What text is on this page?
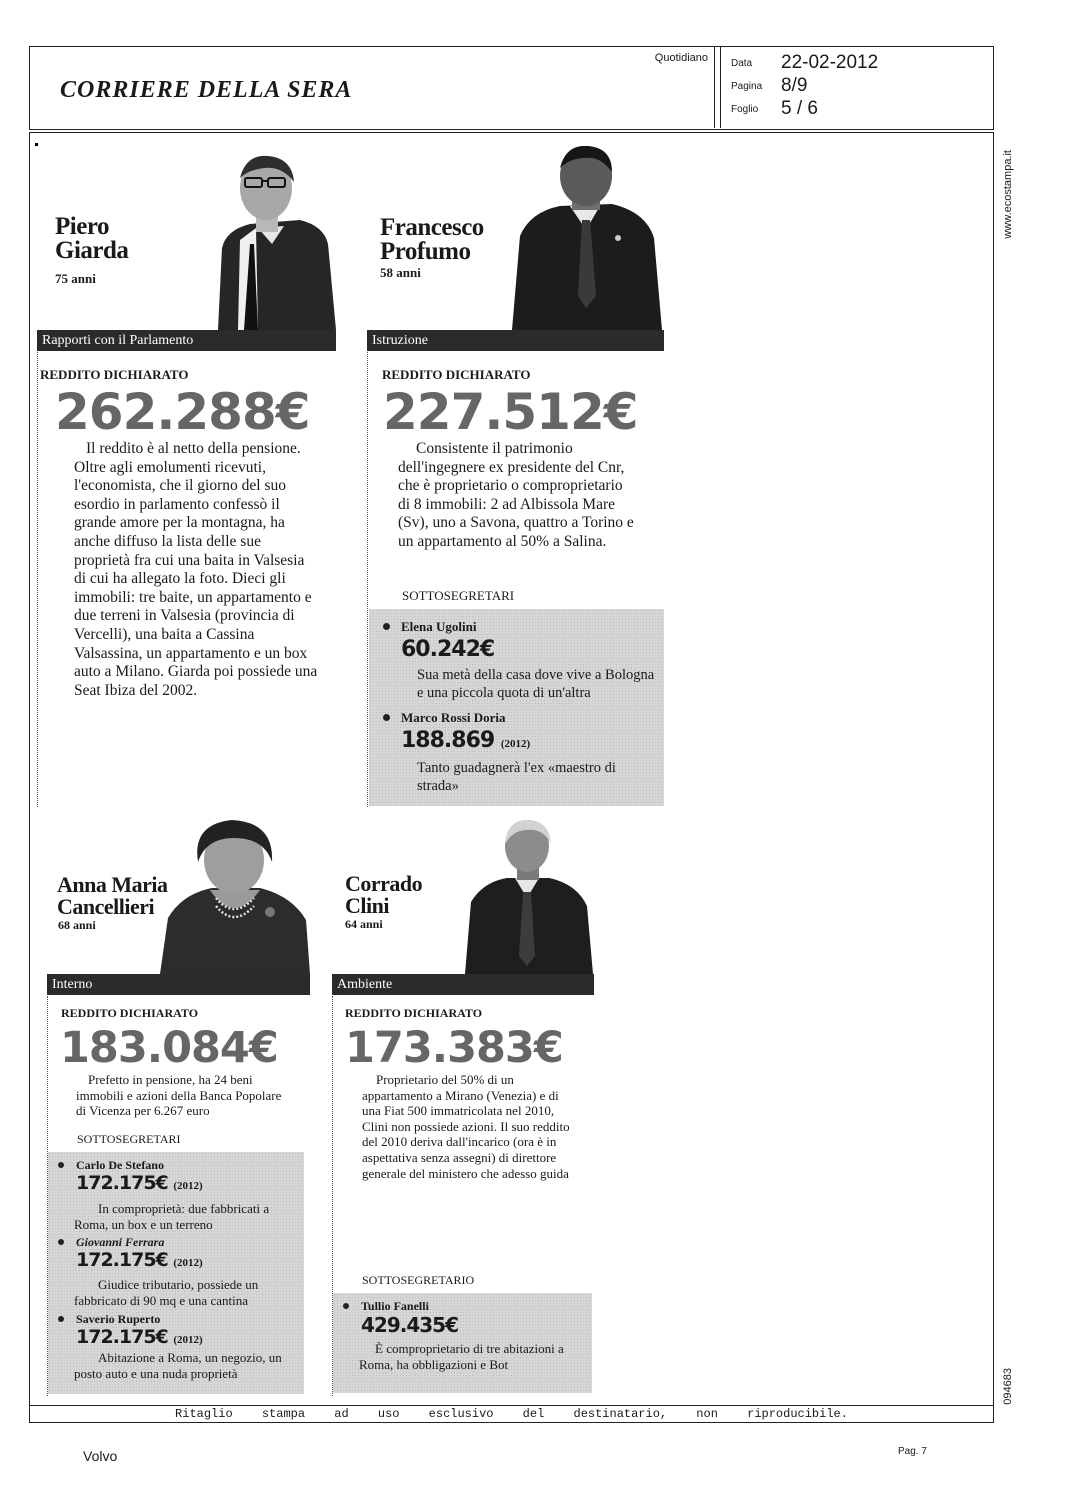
CORRIERE DELLA SERA
Quotidiano Data 22-02-2012
Pagina 8/9
Foglio 5 / 6
www.ecostampa.it
094683
Piero
Giarda
75 anni
Rapporti con il Parlamento
REDDITO DICHIARATO
262.288€
Il reddito è al netto della pensione. Oltre agli emolumenti ricevuti, l'economista, che il giorno del suo esordio in parlamento confessò il grande amore per la montagna, ha anche diffuso la lista delle sue proprietà fra cui una baita in Valsesia di cui ha allegato la foto. Dieci gli immobili: tre baite, un appartamento e due terreni in Valsesia (provincia di Vercelli), una baita a Cassina Valsassina, un appartamento e un box auto a Milano. Giarda poi possiede una Seat Ibiza del 2002.
Francesco
Profumo
58 anni
Istruzione
REDDITO DICHIARATO
227.512€
Consistente il patrimonio dell'ingegnere ex presidente del Cnr, che è proprietario o comproprietario di 8 immobili: 2 ad Albissola Mare (Sv), uno a Savona, quattro a Torino e un appartamento al 50% a Salina.
SOTTOSEGRETARI
Elena Ugolini
60.242€
Sua metà della casa dove vive a Bologna e una piccola quota di un'altra
Marco Rossi Doria
188.869 (2012)
Tanto guadagnerà l'ex «maestro di strada»
Anna Maria
Cancellieri
68 anni
Interno
REDDITO DICHIARATO
183.084€
Prefetto in pensione, ha 24 beni immobili e azioni della Banca Popolare di Vicenza per 6.267 euro
SOTTOSEGRETARI
Carlo De Stefano
172.175€ (2012)
In comproprietà: due fabbricati a Roma, un box e un terreno
Giovanni Ferrara
172.175€ (2012)
Giudice tributario, possiede un fabbricato di 90 mq e una cantina
Saverio Ruperto
172.175€ (2012)
Abitazione a Roma, un negozio, un posto auto e una nuda proprietà
Corrado
Clini
64 anni
Ambiente
REDDITO DICHIARATO
173.383€
Proprietario del 50% di un appartamento a Mirano (Venezia) e di una Fiat 500 immatricolata nel 2010, Clini non possiede azioni. Il suo reddito del 2010 deriva dall'incarico (ora è in aspettativa senza assegni) di direttore generale del ministero che adesso guida
SOTTOSEGRETARIO
Tullio Fanelli
429.435€
È comproprietario di tre abitazioni a Roma, ha obbligazioni e Bot
Ritaglio stampa ad uso esclusivo del destinatario, non riproducibile.
Volvo	Pag. 7
